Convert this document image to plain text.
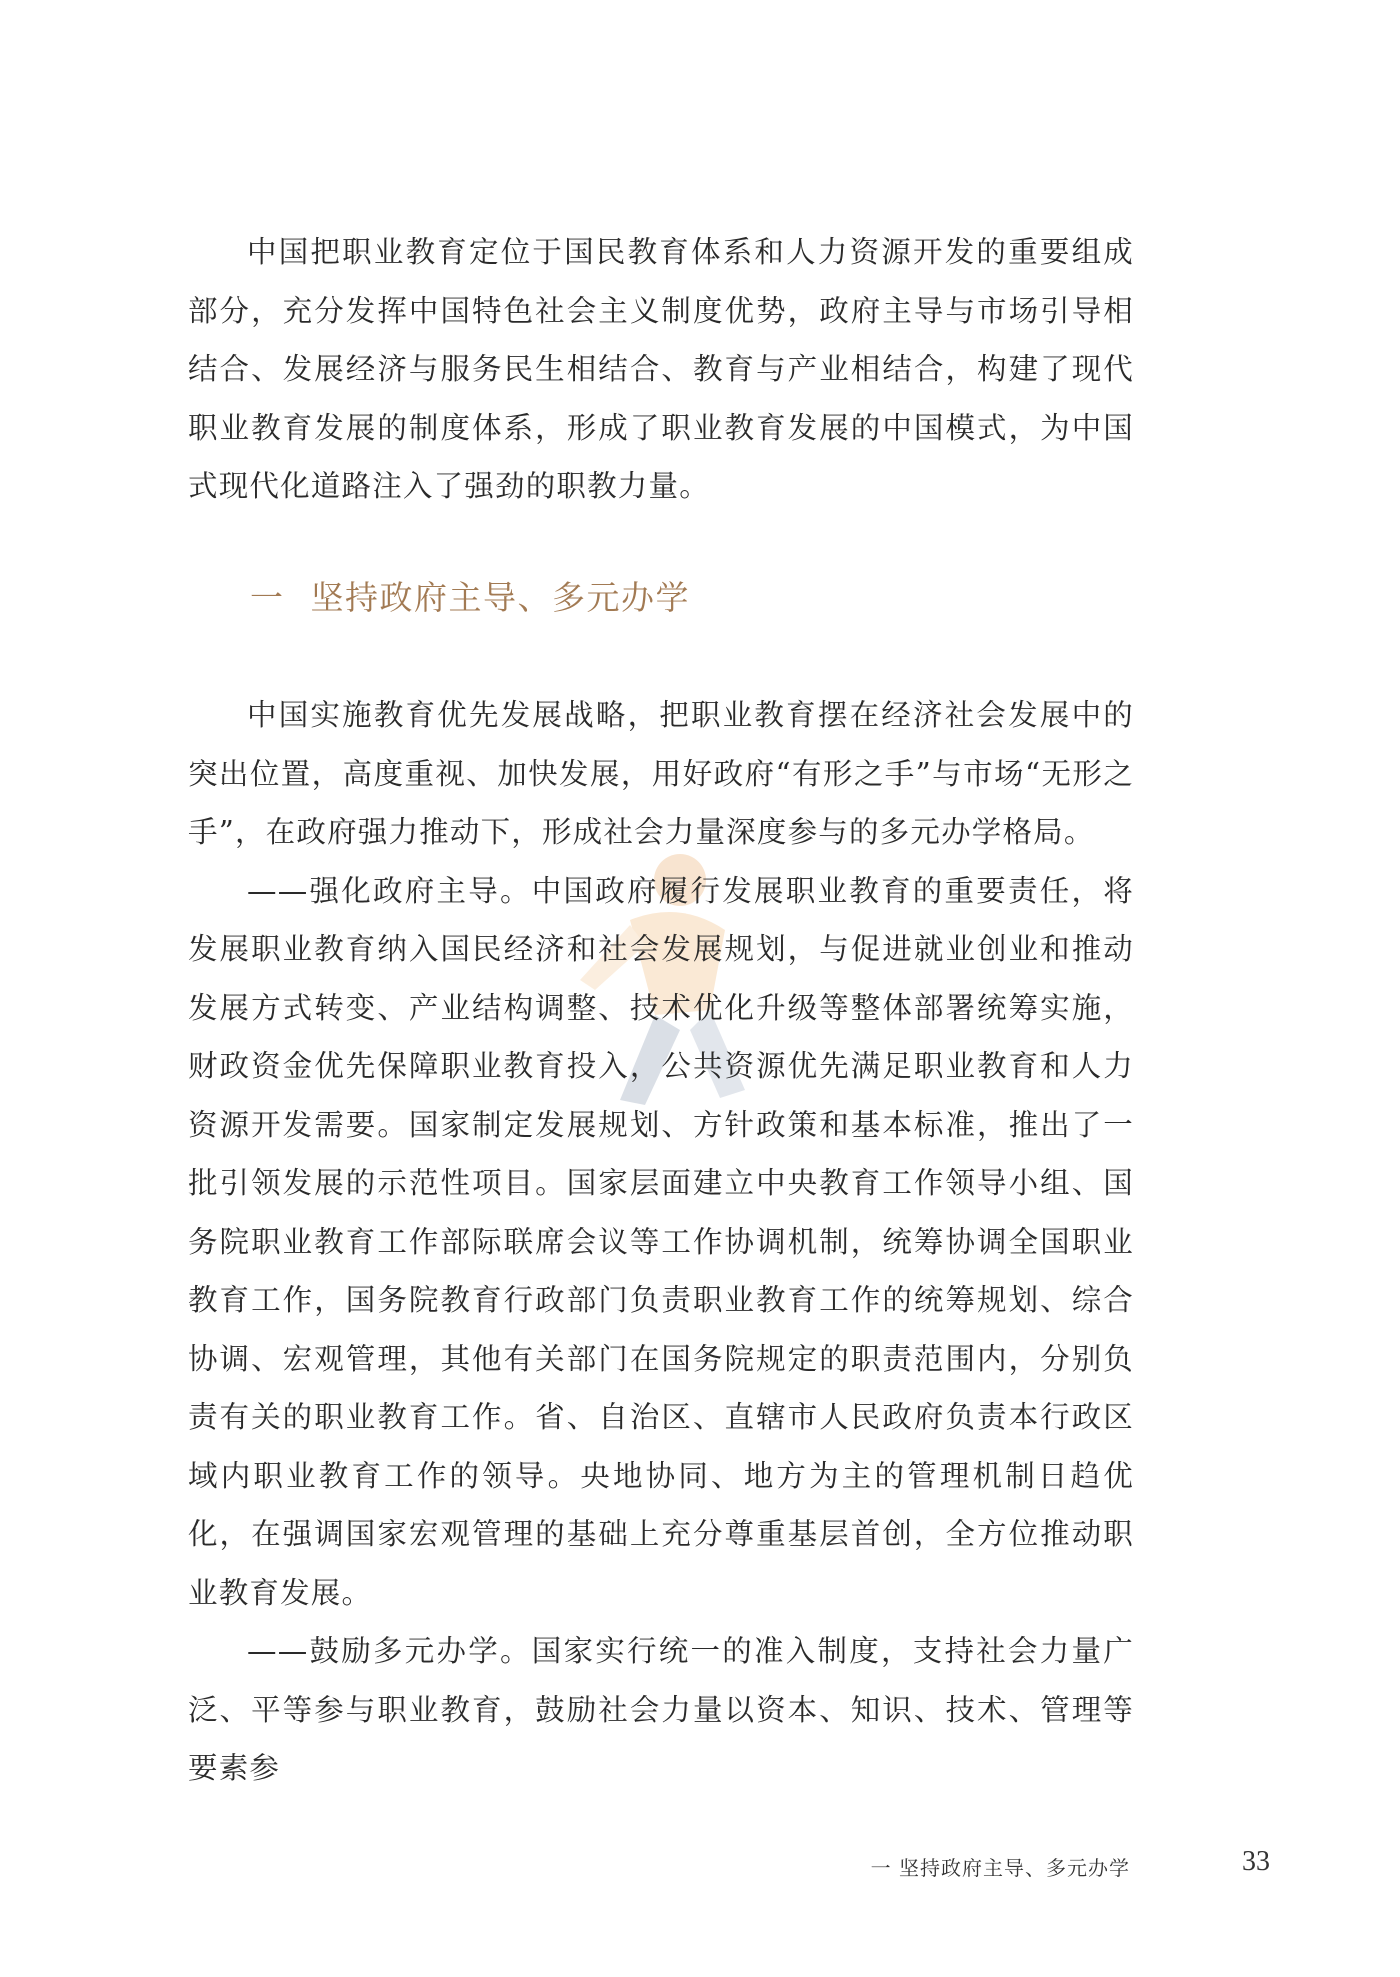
中国把职业教育定位于国民教育体系和人力资源开发的重要组成部分，充分发挥中国特色社会主义制度优势，政府主导与市场引导相结合、发展经济与服务民生相结合、教育与产业相结合，构建了现代职业教育发展的制度体系，形成了职业教育发展的中国模式，为中国式现代化道路注入了强劲的职教力量。

一 坚持政府主导、多元办学

中国实施教育优先发展战略，把职业教育摆在经济社会发展中的突出位置，高度重视、加快发展，用好政府“有形之手”与市场“无形之手”，在政府强力推动下，形成社会力量深度参与的多元办学格局。

——强化政府主导。中国政府履行发展职业教育的重要责任，将发展职业教育纳入国民经济和社会发展规划，与促进就业创业和推动发展方式转变、产业结构调整、技术优化升级等整体部署统筹实施，财政资金优先保障职业教育投入，公共资源优先满足职业教育和人力资源开发需要。国家制定发展规划、方针政策和基本标准，推出了一批引领发展的示范性项目。国家层面建立中央教育工作领导小组、国务院职业教育工作部际联席会议等工作协调机制，统筹协调全国职业教育工作，国务院教育行政部门负责职业教育工作的统筹规划、综合协调、宏观管理，其他有关部门在国务院规定的职责范围内，分别负责有关的职业教育工作。省、自治区、直辖市人民政府负责本行政区域内职业教育工作的领导。央地协同、地方为主的管理机制日趋优化，在强调国家宏观管理的基础上充分尊重基层首创，全方位推动职业教育发展。

——鼓励多元办学。国家实行统一的准入制度，支持社会力量广泛、平等参与职业教育，鼓励社会力量以资本、知识、技术、管理等要素参

一 坚持政府主导、多元办学	33
